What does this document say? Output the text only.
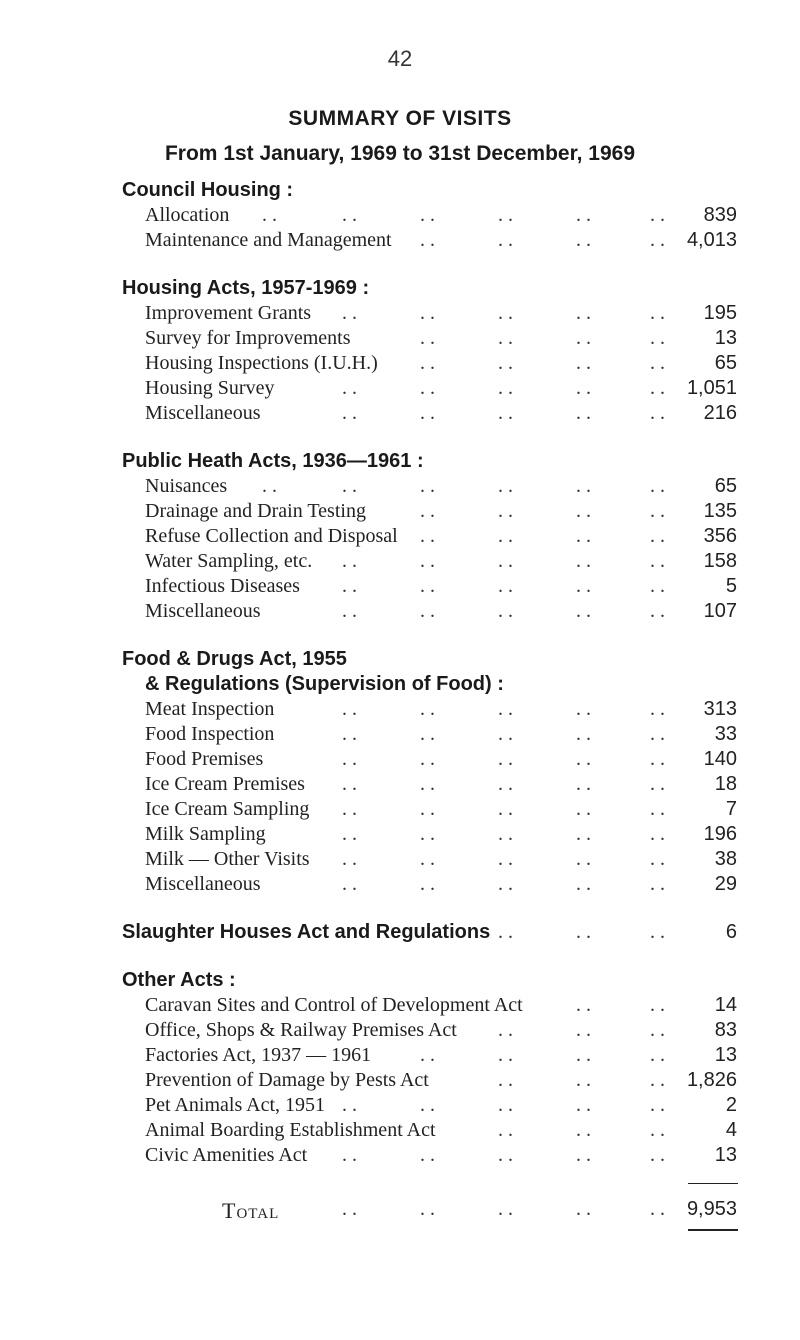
42
SUMMARY OF VISITS
From 1st January, 1969 to 31st December, 1969
Council Housing :
Allocation	839
. .	. .	. .	. .	. .	. .
Maintenance and Management	4,013
. .	. .	. .	. .
Housing Acts, 1957-1969 :
Improvement Grants	195
. .	. .	. .	. .	. .
Survey for Improvements	13
. .	. .	. .	. .
Housing Inspections (I.U.H.)	65
. .	. .	. .	. .
Housing Survey	1,051
. .	. .	. .	. .	. .
Miscellaneous	216
. .	. .	. .	. .	. .
Public Heath Acts, 1936—1961 :
Nuisances	65
. .	. .	. .	. .	. .	. .
Drainage and Drain Testing	135
. .	. .	. .	. .
Refuse Collection and Disposal	356
. .	. .	. .	. .
Water Sampling, etc.	158
. .	. .	. .	. .	. .
Infectious Diseases	5
. .	. .	. .	. .	. .
Miscellaneous	107
. .	. .	. .	. .	. .
Food & Drugs Act, 1955
& Regulations (Supervision of Food) :
Meat Inspection	313
. .	. .	. .	. .	. .
Food Inspection	33
. .	. .	. .	. .	. .
Food Premises	140
. .	. .	. .	. .	. .
Ice Cream Premises	18
. .	. .	. .	. .	. .
Ice Cream Sampling	7
. .	. .	. .	. .	. .
Milk Sampling	196
. .	. .	. .	. .	. .
Milk — Other Visits	38
. .	. .	. .	. .	. .
Miscellaneous	29
. .	. .	. .	. .	. .
Slaughter Houses Act and Regulations	6
. .	. .	. .
Other Acts :
Caravan Sites and Control of Development Act	14
. .	. .
Office, Shops & Railway Premises Act	83
. .	. .	. .
Factories Act, 1937 — 1961	13
. .	. .	. .	. .
Prevention of Damage by Pests Act	1,826
. .	. .	. .
Pet Animals Act, 1951	2
. .	. .	. .	. .	. .
Animal Boarding Establishment Act	4
. .	. .	. .
Civic Amenities Act	13
. .	. .	. .	. .	. .
Total	9,953
. .	. .	. .	. .	. .
